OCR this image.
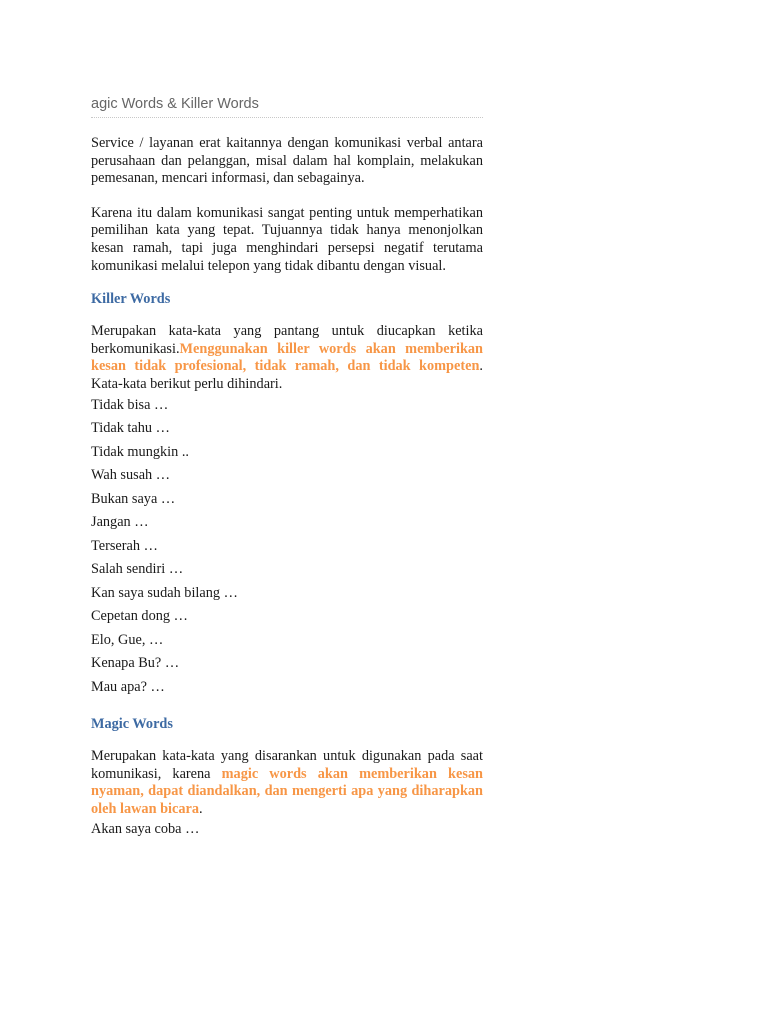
agic Words & Killer Words

Service / layanan erat kaitannya dengan komunikasi verbal antara perusahaan dan pelanggan, misal dalam hal komplain, melakukan pemesanan, mencari informasi, dan sebagainya.

Karena itu dalam komunikasi sangat penting untuk memperhatikan pemilihan kata yang tepat. Tujuannya tidak hanya menonjolkan kesan ramah, tapi juga menghindari persepsi negatif terutama komunikasi melalui telepon yang tidak dibantu dengan visual.

Killer Words

Merupakan kata-kata yang pantang untuk diucapkan ketika berkomunikasi.Menggunakan killer words akan memberikan kesan tidak profesional, tidak ramah, dan tidak kompeten. Kata-kata berikut perlu dihindari.

Tidak bisa …
Tidak tahu …
Tidak mungkin ..
Wah susah …
Bukan saya …
Jangan …
Terserah …
Salah sendiri …
Kan saya sudah bilang …
Cepetan dong …
Elo, Gue, …
Kenapa Bu? …
Mau apa? …
Magic Words

Merupakan kata-kata yang disarankan untuk digunakan pada saat komunikasi, karena magic words akan memberikan kesan nyaman, dapat diandalkan, dan mengerti apa yang diharapkan oleh lawan bicara.

Akan saya coba …
